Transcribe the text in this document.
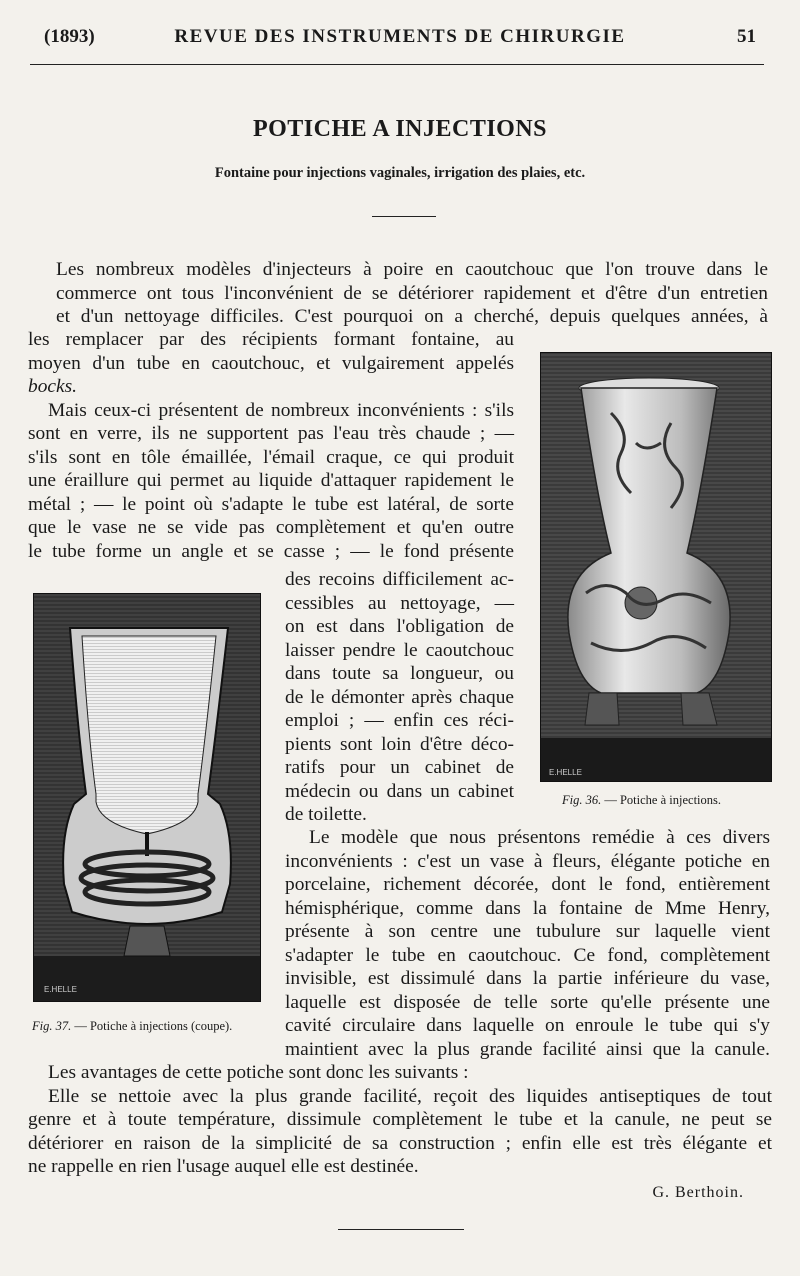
(1893)	REVUE DES INSTRUMENTS DE CHIRURGIE	51
POTICHE A INJECTIONS
Fontaine pour injections vaginales, irrigation des plaies, etc.
Les nombreux modèles d'injecteurs à poire en caoutchouc que l'on trouve dans le
commerce ont tous l'inconvénient de se détériorer rapidement et d'être d'un entretien
et d'un nettoyage difficiles. C'est pourquoi on a cherché, depuis quelques années, à
les remplacer par des récipients formant fontaine, au
moyen d'un tube en caoutchouc, et vulgairement appelés
bocks.
Mais ceux-ci présentent de nombreux inconvénients : s'ils
sont en verre, ils ne supportent pas l'eau très chaude ; —
s'ils sont en tôle émaillée, l'émail craque, ce qui produit
une éraillure qui permet au liquide d'attaquer rapidement le
métal ; — le point où s'adapte le tube est latéral, de sorte
que le vase ne se vide pas complètement et qu'en outre
le tube forme un angle et se casse ; — le fond présente
des recoins difficilement ac-
cessibles au nettoyage, —
on est dans l'obligation de
laisser pendre le caoutchouc
dans toute sa longueur, ou
de le démonter après chaque
emploi ; — enfin ces réci-
pients sont loin d'être déco-
ratifs pour un cabinet de
médecin ou dans un cabinet
de toilette.
Le modèle que nous présentons remédie à ces divers
inconvénients : c'est un vase à fleurs, élégante potiche en
porcelaine, richement décorée, dont le fond, entièrement
hémisphérique, comme dans la fontaine de Mme Henry,
présente à son centre une tubulure sur laquelle vient
s'adapter le tube en caoutchouc. Ce fond, complètement
invisible, est dissimulé dans la partie inférieure du vase,
laquelle est disposée de telle sorte qu'elle présente une
cavité circulaire dans laquelle on enroule le tube qui s'y
maintient avec la plus grande facilité ainsi que la canule.
Les avantages de cette potiche sont donc les suivants :
Elle se nettoie avec la plus grande facilité, reçoit des liquides antiseptiques de tout
genre et à toute température, dissimule complètement le tube et la canule, ne peut se
détériorer en raison de la simplicité de sa construction ; enfin elle est très élégante et
ne rappelle en rien l'usage auquel elle est destinée.
E.HELLE
Fig. 36. — Potiche à injections.
E.HELLE
Fig. 37. — Potiche à injections (coupe).
G. Berthoin.
